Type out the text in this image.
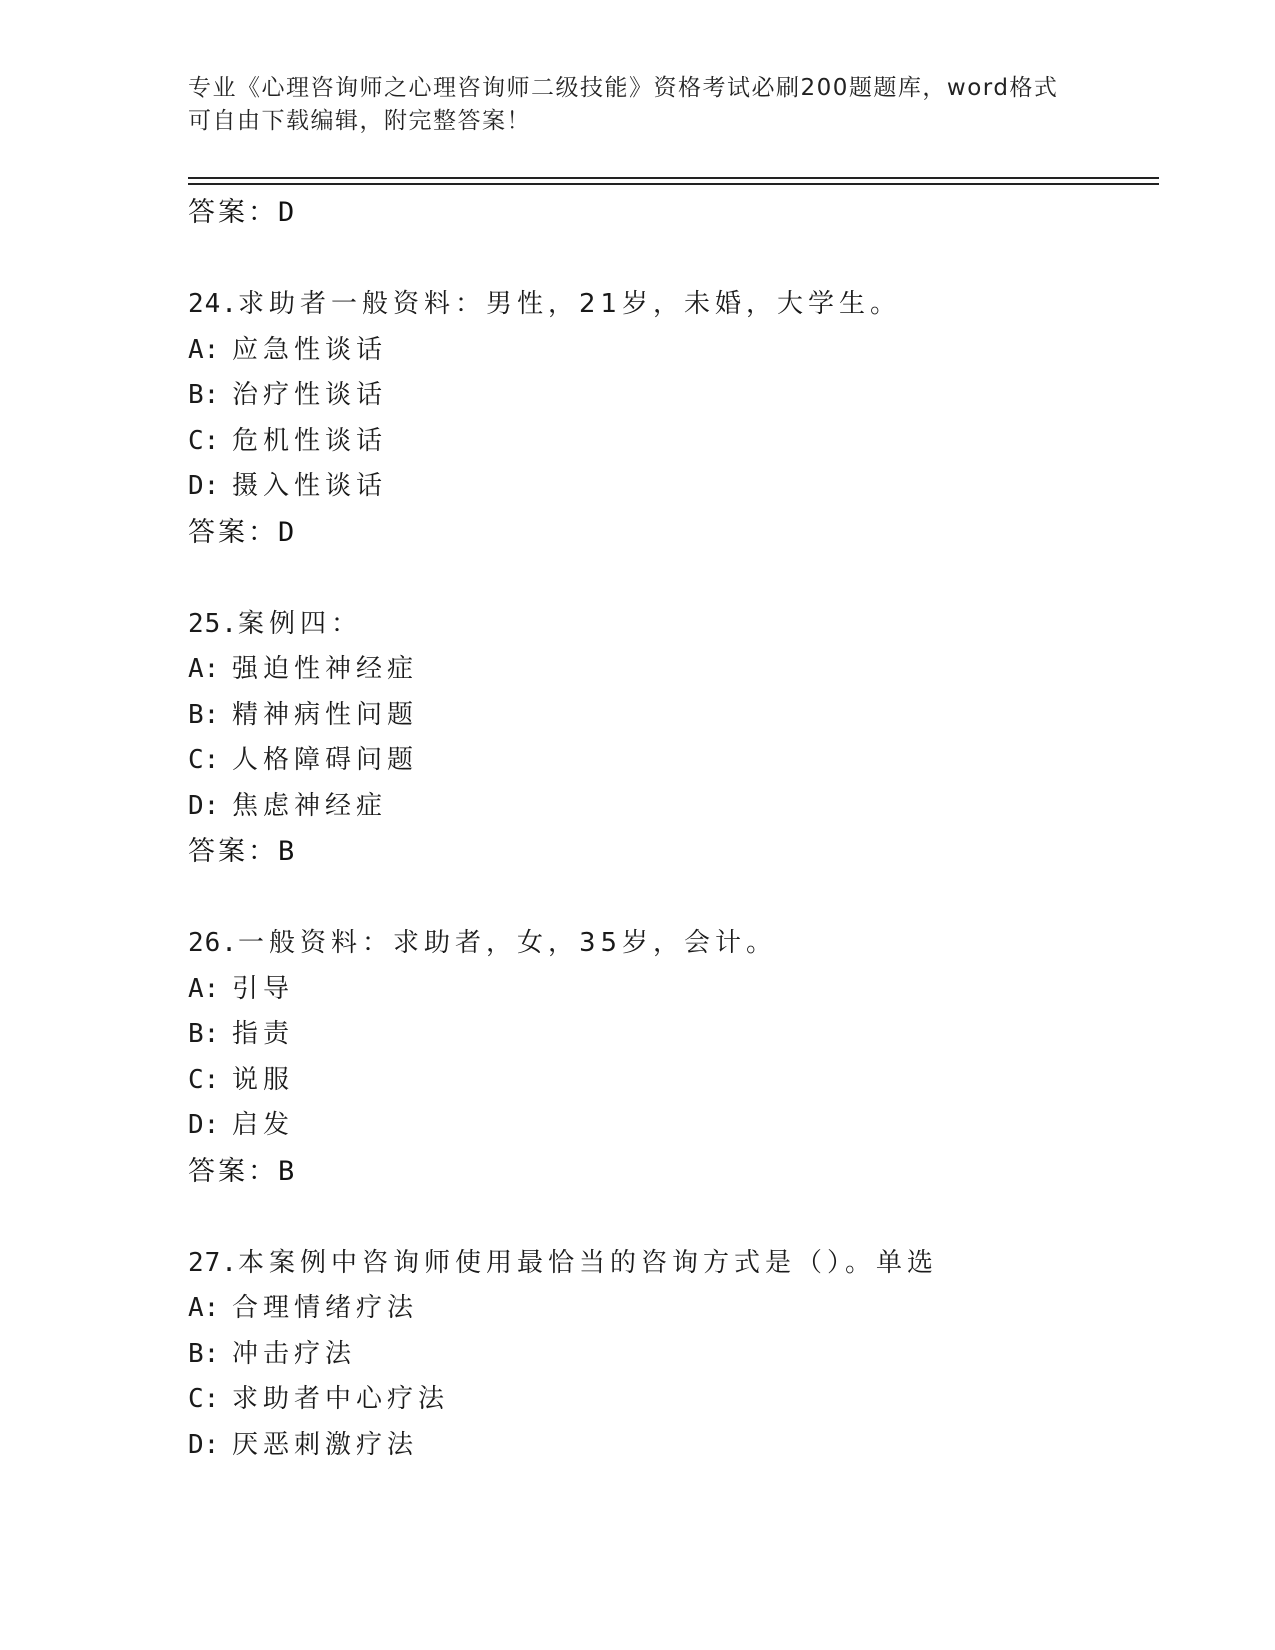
专业《心理咨询师之心理咨询师二级技能》资格考试必刷200题题库，word格式
可自由下载编辑，附完整答案！
答案：D
24.求助者一般资料：男性，21岁，未婚，大学生。
A: 应急性谈话
B: 治疗性谈话
C: 危机性谈话
D: 摄入性谈话
答案：D
25.案例四：
A: 强迫性神经症
B: 精神病性问题
C: 人格障碍问题
D: 焦虑神经症
答案：B
26.一般资料：求助者，女，35岁，会计。
A: 引导
B: 指责
C: 说服
D: 启发
答案：B
27.本案例中咨询师使用最恰当的咨询方式是（）。单选
A: 合理情绪疗法
B: 冲击疗法
C: 求助者中心疗法
D: 厌恶刺激疗法
